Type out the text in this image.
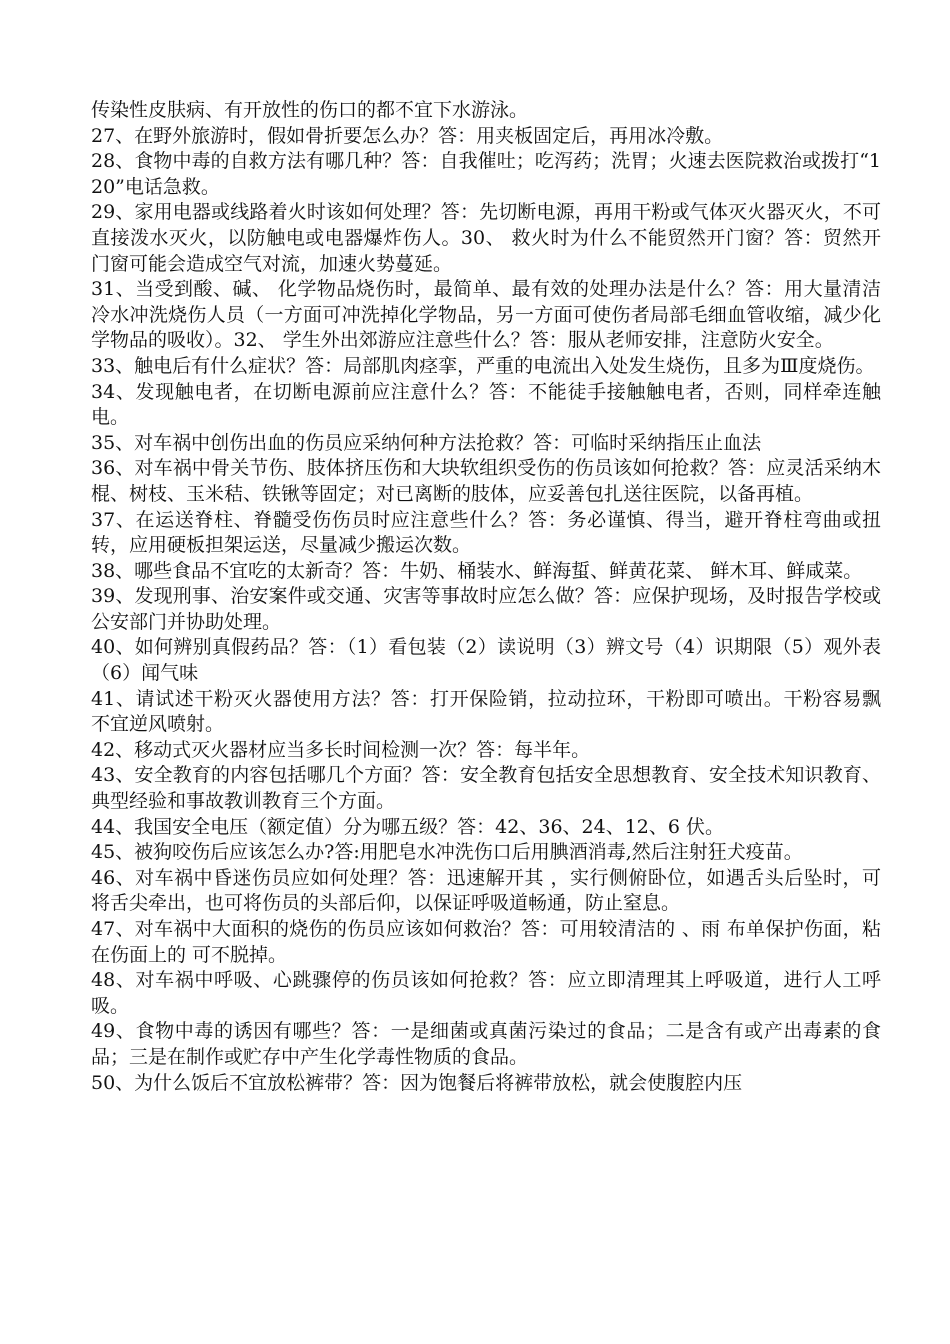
传染性皮肤病、有开放性的伤口的都不宜下水游泳。

27、在野外旅游时，假如骨折要怎么办？答：用夹板固定后，再用冰冷敷。

28、食物中毒的自救方法有哪几种？答：自我催吐；吃泻药；洗胃；火速去医院救治或拨打“120”电话急救。

29、家用电器或线路着火时该如何处理？答：先切断电源，再用干粉或气体灭火器灭火，不可直接泼水灭火，以防触电或电器爆炸伤人。30、 救火时为什么不能贸然开门窗？答：贸然开门窗可能会造成空气对流，加速火势蔓延。

31、当受到酸、碱、 化学物品烧伤时，最简单、最有效的处理办法是什么？答：用大量清洁冷水冲洗烧伤人员（一方面可冲洗掉化学物品，另一方面可使伤者局部毛细血管收缩，减少化学物品的吸收）。32、 学生外出郊游应注意些什么？答：服从老师安排，注意防火安全。

33、触电后有什么症状？答：局部肌肉痉挛，严重的电流出入处发生烧伤，且多为Ⅲ度烧伤。

34、发现触电者，在切断电源前应注意什么？答：不能徒手接触触电者，否则，同样牵连触电。

35、对车祸中创伤出血的伤员应采纳何种方法抢救？答：可临时采纳指压止血法

36、对车祸中骨关节伤、肢体挤压伤和大块软组织受伤的伤员该如何抢救？答：应灵活采纳木棍、树枝、玉米秸、铁锹等固定；对已离断的肢体，应妥善包扎送往医院，以备再植。

37、在运送脊柱、脊髓受伤伤员时应注意些什么？答：务必谨慎、得当，避开脊柱弯曲或扭转，应用硬板担架运送，尽量减少搬运次数。

38、哪些食品不宜吃的太新奇？答：牛奶、桶装水、鲜海蜇、鲜黄花菜、 鲜木耳、鲜咸菜。

39、发现刑事、治安案件或交通、灾害等事故时应怎么做？答：应保护现场，及时报告学校或公安部门并协助处理。

40、如何辨别真假药品？答：（1）看包装（2）读说明（3）辨文号（4）识期限（5）观外表（6）闻气味

41、请试述干粉灭火器使用方法？答：打开保险销，拉动拉环，干粉即可喷出。干粉容易飘 不宜逆风喷射。

42、移动式灭火器材应当多长时间检测一次？答：每半年。

43、安全教育的内容包括哪几个方面？答：安全教育包括安全思想教育、安全技术知识教育、典型经验和事故教训教育三个方面。

44、我国安全电压（额定值）分为哪五级？答：42、36、24、12、6 伏。

45、被狗咬伤后应该怎么办?答:用肥皂水冲洗伤口后用腆酒消毒,然后注射狂犬疫苗。

46、对车祸中昏迷伤员应如何处理？答：迅速解开其 ，实行侧俯卧位，如遇舌头后坠时，可将舌尖牵出，也可将伤员的头部后仰，以保证呼吸道畅通，防止窒息。

47、对车祸中大面积的烧伤的伤员应该如何救治？答：可用较清洁的 、雨 布单保护伤面，粘在伤面上的 可不脱掉。

48、对车祸中呼吸、心跳骤停的伤员该如何抢救？答：应立即清理其上呼吸道，进行人工呼吸。

49、食物中毒的诱因有哪些？答：一是细菌或真菌污染过的食品；二是含有或产出毒素的食品；三是在制作或贮存中产生化学毒性物质的食品。

50、为什么饭后不宜放松裤带？答：因为饱餐后将裤带放松，就会使腹腔内压
